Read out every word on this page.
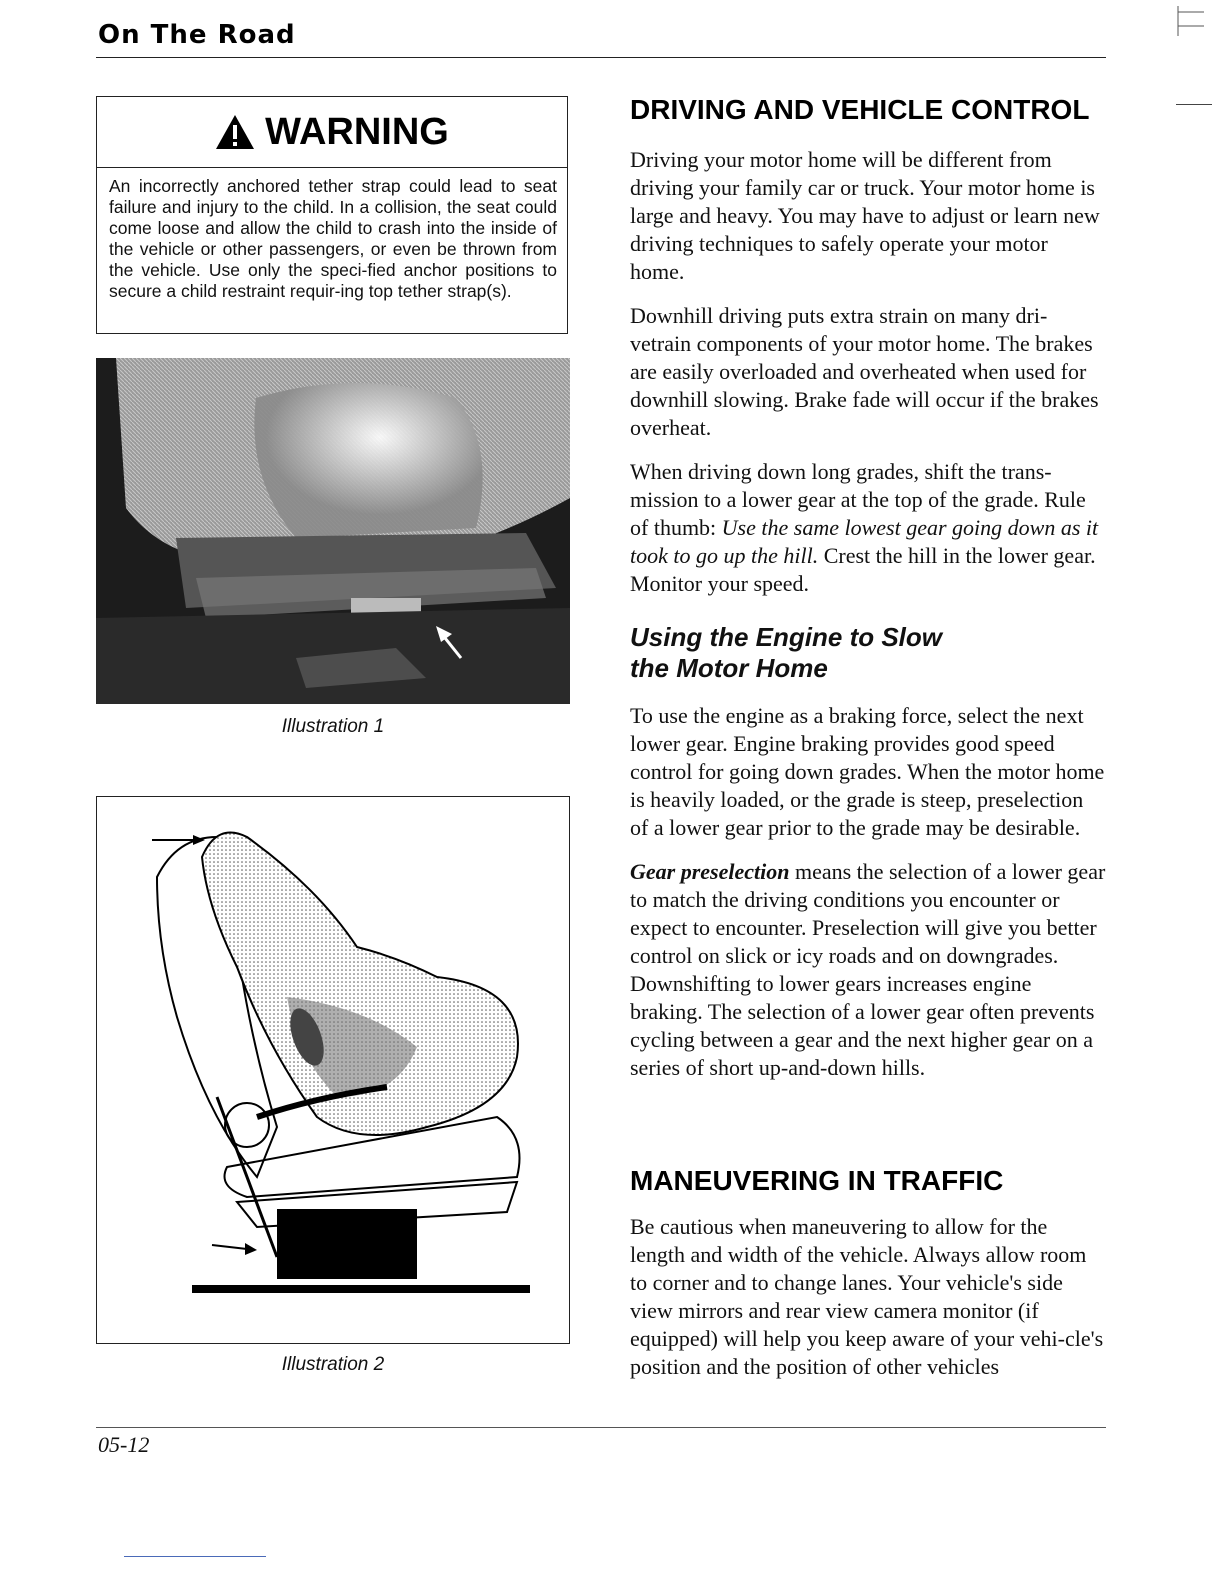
On The Road
WARNING
An incorrectly anchored tether strap could lead to seat failure and injury to the child. In a collision, the seat could come loose and allow the child to crash into the inside of the vehicle or other passengers, or even be thrown from the vehicle. Use only the speci-fied anchor positions to secure a child restraint requir-ing top tether strap(s).
Illustration 1
Illustration 2
DRIVING AND VEHICLE CONTROL

Driving your motor home will be different from driving your family car or truck. Your motor home is large and heavy. You may have to adjust or learn new driving techniques to safely operate your motor home.

Downhill driving puts extra strain on many dri-vetrain components of your motor home. The brakes are easily overloaded and overheated when used for downhill slowing. Brake fade will occur if the brakes overheat.

When driving down long grades, shift the trans-mission to a lower gear at the top of the grade. Rule of thumb: Use the same lowest gear going down as it took to go up the hill. Crest the hill in the lower gear. Monitor your speed.

Using the Engine to Slow
the Motor Home

To use the engine as a braking force, select the next lower gear. Engine braking provides good speed control for going down grades. When the motor home is heavily loaded, or the grade is steep, preselection of a lower gear prior to the grade may be desirable.

Gear preselection means the selection of a lower gear to match the driving conditions you encounter or expect to encounter. Preselection will give you better control on slick or icy roads and on downgrades. Downshifting to lower gears increases engine braking. The selection of a lower gear often prevents cycling between a gear and the next higher gear on a series of short up-and-down hills.

MANEUVERING IN TRAFFIC

Be cautious when maneuvering to allow for the length and width of the vehicle. Always allow room to corner and to change lanes. Your vehicle's side view mirrors and rear view camera monitor (if equipped) will help you keep aware of your vehi-cle's position and the position of other vehicles

05-12
